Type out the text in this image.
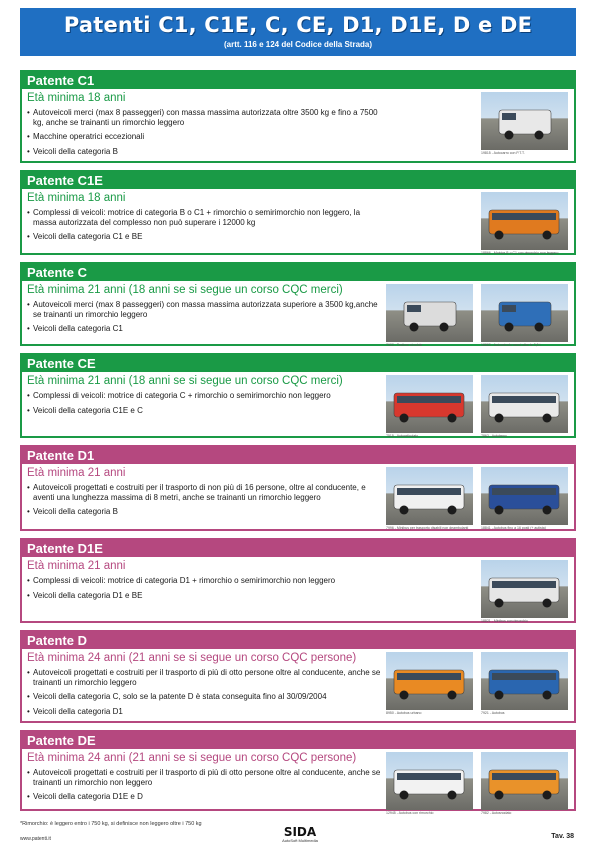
Patenti C1, C1E, C, CE, D1, D1E, D e DE
(artt. 116 e 124 del Codice della Strada)
Patente C1
Età minima 18 anni
• Autoveicoli merci (max 8 passeggeri) con massa massima autorizzata oltre 3500 kg e fino a 7500 kg, anche se trainanti un rimorchio leggero
• Macchine operatrici eccezionali
• Veicoli della categoria B	19815 - Autocarro con P.T.T.
Patente C1E
Età minima 18 anni
• Complessi di veicoli: motrice di categoria B o C1 + rimorchio o semirimorchio non leggero, la massa autorizzata del complesso non può superare i 12000 kg
• Veicoli della categoria C1 e BE
18866 - Motrice B o C1 con rimorchio non leggero
Patente C
Età minima 21 anni (18 anni se si segue un corso CQC merci)
• Autoveicoli merci (max 8 passeggeri) con massa massima autorizzata superiore a 3500 kg,anche se trainanti un rimorchio leggero
• Veicoli della categoria C1
7922 - Trattore stradale	18883 - Autoveicolo merci oltre le 3,5 t
Patente CE
Età minima 21 anni (18 anni se si segue un corso CQC merci)
• Complessi di veicoli: motrice di categoria C + rimorchio o semirimorchio non leggero
• Veicoli della categoria C1E e C
7515 - Autoarticolato	7862 - Autotreno
Patente D1
Età minima 21 anni
• Autoveicoli progettati e costruiti per il trasporto di non più di 16 persone, oltre al conducente, e aventi una lunghezza massima di 8 metri, anche se trainanti un rimorchio leggero
• Veicoli della categoria B
7996 - Minibus per trasporto disabili non deambulanti	18841 - Autobus fino a 16 posti (+ autista)
Patente D1E
Età minima 21 anni
• Complessi di veicoli: motrice di categoria D1 + rimorchio o semirimorchio non leggero
• Veicoli della categoria D1 e BE
18821 - Minibus con rimorchio
Patente D
Età minima 24 anni (21 anni se si segue un corso CQC persone)
• Autoveicoli progettati e costruiti per il trasporto di più di otto persone oltre al conducente, anche se trainanti un rimorchio leggero
• Veicoli della categoria C, solo se la patente D è stata conseguita fino al 30/09/2004
• Veicoli della categoria D1	8950 - Autobus urbano	7921 - Autobus
Patente DE
Età minima 24 anni (21 anni se si segue un corso CQC persone)
• Autoveicoli progettati e costruiti per il trasporto di più di otto persone oltre al conducente, anche se trainanti un rimorchio non leggero
• Veicoli della categoria D1E e D
12945 - Autobus con rimorchio	7982 - Autosnodato
*Rimorchio: è leggero entro i 750 kg, si definisce non leggero oltre i 750 kg
www.patenti.it	SIDA
AutoSoft Multimedia
Tav. 38
